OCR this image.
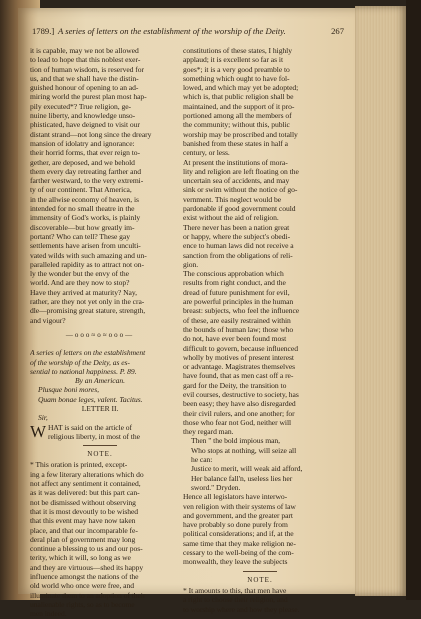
1789.] A series of letters on the establishment of the worship of the Deity.	267
it is capable, may we not be allowed
to lead to hope that this noblest exer-
tion of human wisdom, is reserved for
us, and that we shall have the distin-
guished honour of opening to an ad-
miring world the purest plan most hap-
pily executed*? True religion, ge-
nuine liberty, and knowledge unso-
phisticated, have deigned to visit our
distant strand—not long since the dreary
mansion of idolatry and ignorance:
their horrid forms, that ever reign to-
gether, are deposed, and we behold
them every day retreating farther and
farther westward, to the very extremi-
ty of our continent. That America,
in the allwise economy of heaven, is
intended for no small theatre in the
immensity of God's works, is plainly
discoverable—but how greatly im-
portant? Who can tell? These gay
settlements have arisen from unculti-
vated wilds with such amazing and un-
paralleled rapidity as to attract not on-
ly the wonder but the envy of the
world. And are they now to stop?
Have they arrived at maturity? Nay,
rather, are they not yet only in the cra-
dle—promising great stature, strength,
and vigour?
—ooo≈o≈ooo—
A series of letters on the establishment
of the worship of the Deity, as es-
sential to national happiness. P. 89.
By an American.
Plusque boni mores,
Quam bonae leges, valent. Tacitus.
LETTER II.
Sir,
W HAT is said on the article of
religious liberty, in most of the
NOTE.
* This oration is printed, except-
ing a few literary alterations which do
not affect any sentiment it contained,
as it was delivered: but this part can-
not be dismissed without observing
that it is most devoutly to be wished
that this event may have now taken
place, and that our incomparable fe-
deral plan of government may long
continue a blessing to us and our pos-
terity, which it will, so long as we
and they are virtuous—shed its happy
influence amongst the nations of the
old world who once were free, and
illuminate them to an adoption of their
unalienable rights, so as to become
men indeed.
constitutions of these states, I highly
applaud; it is excellent so far as it
goes*; it is a very good preamble to
something which ought to have fol-
lowed, and which may yet be adopted;
which is, that public religion shall be
maintained, and the support of it pro-
portioned among all the members of
the community; without this, public
worship may be proscribed and totally
banished from these states in half a
century, or less.
At present the institutions of mora-
lity and religion are left floating on the
uncertain sea of accidents, and may
sink or swim without the notice of go-
vernment. This neglect would be
pardonable if good government could
exist without the aid of religion.
There never has been a nation great
or happy, where the subject's obedi-
ence to human laws did not receive a
sanction from the obligations of reli-
gion.
The conscious approbation which
results from right conduct, and the
dread of future punishment for evil,
are powerful principles in the human
breast: subjects, who feel the influence
of these, are easily restrained within
the bounds of human law; those who
do not, have ever been found most
difficult to govern, because influenced
wholly by motives of present interest
or advantage. Magistrates themselves
have found, that as men cast off a re-
gard for the Deity, the transition to
evil courses, destructive to society, has
been easy; they have also disregarded
their civil rulers, and one another; for
those who fear not God, neither will
they regard man.
Then " the bold impious man,
Who stops at nothing, will seize all
he can:
Justice to merit, will weak aid afford,
Her balance fall'n, useless lies her
sword." Dryden.
Hence all legislators have interwo-
ven religion with their systems of law
and government, and the greater part
have probably so done purely from
political considerations; and if, at the
same time that they make religion ne-
cessary to the well-being of the com-
monwealth, they leave the subjects
NOTE.
* It amounts to this, that men have
a right to choose their religion, and
to worship where and how they please.
